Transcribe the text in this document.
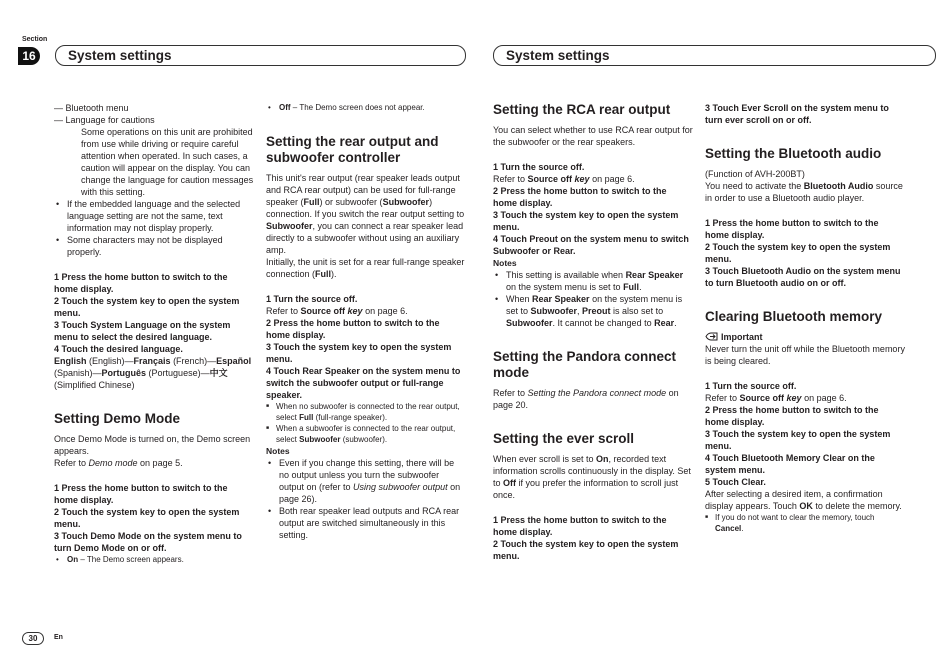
Section
16	System settings	System settings

— Bluetooth menu

— Language for cautions

Some operations on this unit are prohibited from use while driving or require careful attention when operated. In such cases, a caution will appear on the display. You can change the language for caution messages with this setting.

• If the embedded language and the selected language setting are not the same, text information may not display properly.

• Some characters may not be displayed properly.

1 Press the home button to switch to the home display.

2 Touch the system key to open the system menu.

3 Touch System Language on the system menu to select the desired language.

4 Touch the desired language.

English (English)—Français (French)—Español (Spanish)—Português (Portuguese)—中文 (Simplified Chinese)

Setting Demo Mode

Once Demo Mode is turned on, the Demo screen appears.

Refer to Demo mode on page 5.

1 Press the home button to switch to the home display.

2 Touch the system key to open the system menu.

3 Touch Demo Mode on the system menu to turn Demo Mode on or off.

• On – The Demo screen appears.

• Off – The Demo screen does not appear.

Setting the rear output and subwoofer controller

This unit's rear output (rear speaker leads output and RCA rear output) can be used for full-range speaker (Full) or subwoofer (Subwoofer) connection. If you switch the rear output setting to Subwoofer, you can connect a rear speaker lead directly to a subwoofer without using an auxiliary amp.

Initially, the unit is set for a rear full-range speaker connection (Full).

1 Turn the source off.

Refer to Source off key on page 6.

2 Press the home button to switch to the home display.

3 Touch the system key to open the system menu.

4 Touch Rear Speaker on the system menu to switch the subwoofer output or full-range speaker.

■ When no subwoofer is connected to the rear output, select Full (full-range speaker).

■ When a subwoofer is connected to the rear output, select Subwoofer (subwoofer).

Notes

• Even if you change this setting, there will be no output unless you turn the subwoofer output on (refer to Using subwoofer output on page 26).

• Both rear speaker lead outputs and RCA rear output are switched simultaneously in this setting.

Setting the RCA rear output

You can select whether to use RCA rear output for the subwoofer or the rear speakers.

1 Turn the source off.

Refer to Source off key on page 6.

2 Press the home button to switch to the home display.

3 Touch the system key to open the system menu.

4 Touch Preout on the system menu to switch Subwoofer or Rear.

Notes

• This setting is available when Rear Speaker on the system menu is set to Full.

• When Rear Speaker on the system menu is set to Subwoofer, Preout is also set to Subwoofer. It cannot be changed to Rear.

Setting the Pandora connect mode

Refer to Setting the Pandora connect mode on page 20.

Setting the ever scroll

When ever scroll is set to On, recorded text information scrolls continuously in the display. Set to Off if you prefer the information to scroll just once.

1 Press the home button to switch to the home display.

2 Touch the system key to open the system menu.

3 Touch Ever Scroll on the system menu to turn ever scroll on or off.

Setting the Bluetooth audio

(Function of AVH-200BT)

You need to activate the Bluetooth Audio source in order to use a Bluetooth audio player.

1 Press the home button to switch to the home display.

2 Touch the system key to open the system menu.

3 Touch Bluetooth Audio on the system menu to turn Bluetooth audio on or off.

Clearing Bluetooth memory

Important

Never turn the unit off while the Bluetooth memory is being cleared.

1 Turn the source off.

Refer to Source off key on page 6.

2 Press the home button to switch to the home display.

3 Touch the system key to open the system menu.

4 Touch Bluetooth Memory Clear on the system menu.

5 Touch Clear.

After selecting a desired item, a confirmation display appears. Touch OK to delete the memory.

■ If you do not want to clear the memory, touch Cancel.

30	En
